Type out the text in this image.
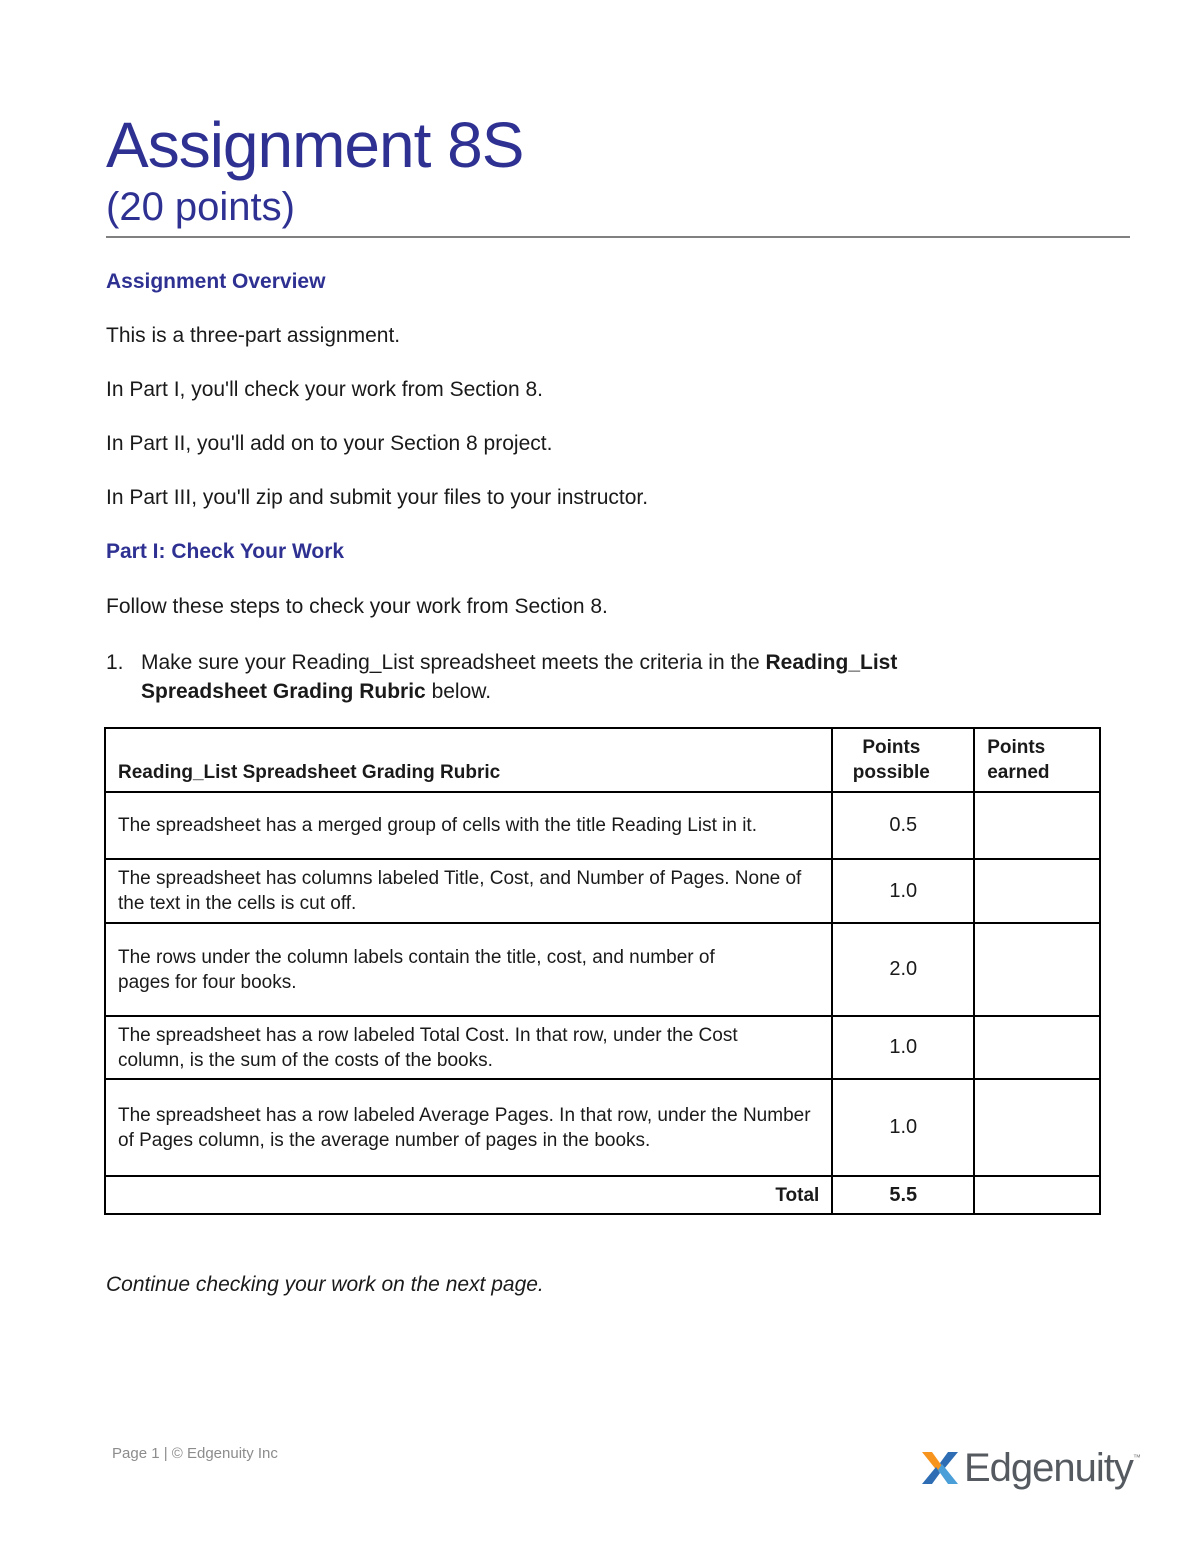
Assignment 8S
(20 points)
Assignment Overview
This is a three-part assignment.
In Part I, you'll check your work from Section 8.
In Part II, you'll add on to your Section 8 project.
In Part III, you'll zip and submit your files to your instructor.
Part I: Check Your Work
Follow these steps to check your work from Section 8.
1. Make sure your Reading_List spreadsheet meets the criteria in the Reading_List Spreadsheet Grading Rubric below.
Reading_List Spreadsheet Grading Rubric	Points possible	Points earned
The spreadsheet has a merged group of cells with the title Reading List in it.	0.5	
The spreadsheet has columns labeled Title, Cost, and Number of Pages. None of the text in the cells is cut off.	1.0	
The rows under the column labels contain the title, cost, and number of pages for four books.	2.0	
The spreadsheet has a row labeled Total Cost. In that row, under the Cost column, is the sum of the costs of the books.	1.0	
The spreadsheet has a row labeled Average Pages. In that row, under the Number of Pages column, is the average number of pages in the books.	1.0	
Total	5.5	
Continue checking your work on the next page.
Page 1 | © Edgenuity Inc	Edgenuity ™
